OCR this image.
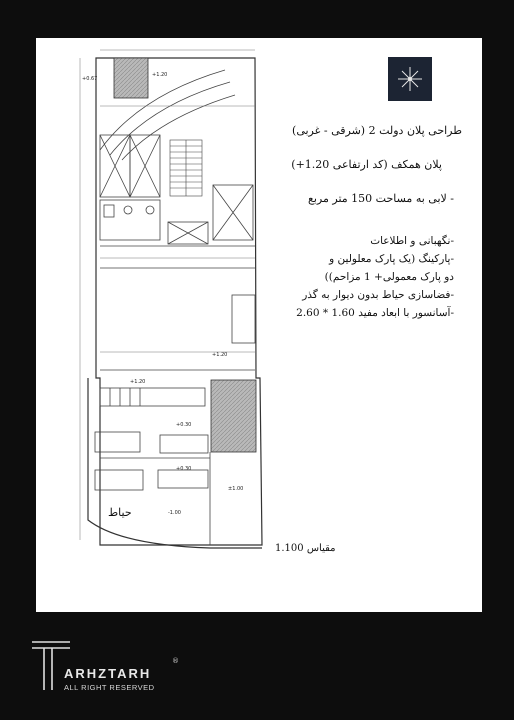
+0.67
+1.20
+1.20
+1.20
+0.30
+0.30
-1.00
±1.00
حیاط
طراحی پلان دولت 2 (شرقی - غربی)
پلان همکف (کد ارتفاعی 1.20+)
- لابی به مساحت 150 متر مربع
-نگهبانی و اطلاعات
-پارکینگ (یک پارک معلولین و
دو پارک معمولی+ 1 مزاحم))
-فضاسازی حیاط بدون دیوار به گذر
-آسانسور با ابعاد مفید 1.60 * 2.60
مقیاس 1.100
ARHZTARH
ALL RIGHT RESERVED
®
